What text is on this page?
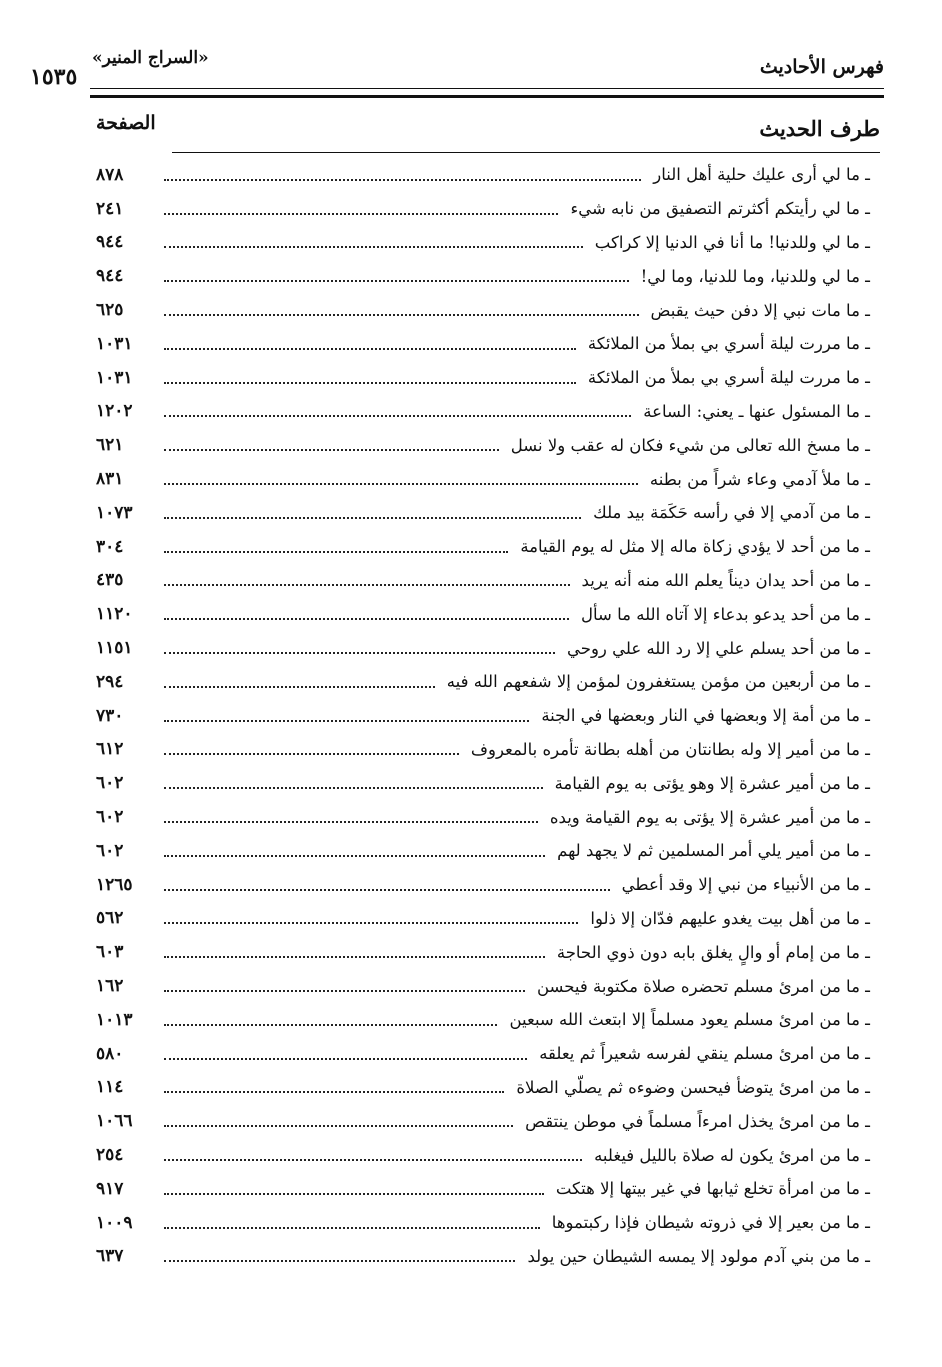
فهرس الأحاديث
«السراج المنير»
١٥٣٥
طرف الحديث
الصفحة
ـ ما لي أرى عليك حلية أهل النار
٨٧٨
ـ ما لي رأيتكم أكثرتم التصفيق من نابه شيء
٢٤١
ـ ما لي وللدنيا! ما أنا في الدنيا إلا كراكب
٩٤٤
ـ ما لي وللدنيا، وما للدنيا، وما لي!
٩٤٤
ـ ما مات نبي إلا دفن حيث يقبض
٦٢٥
ـ ما مررت ليلة أسري بي بملأ من الملائكة
١٠٣١
ـ ما مررت ليلة أسري بي بملأ من الملائكة
١٠٣١
ـ ما المسئول عنها ـ يعني: الساعة
١٢٠٢
ـ ما مسخ الله تعالى من شيء فكان له عقب ولا نسل
٦٢١
ـ ما ملأ آدمي وعاء شراً من بطنه
٨٣١
ـ ما من آدمي إلا في رأسه حَكَمَة بيد ملك
١٠٧٣
ـ ما من أحد لا يؤدي زكاة ماله إلا مثل له يوم القيامة
٣٠٤
ـ ما من أحد يدان ديناً يعلم الله منه أنه يريد
٤٣٥
ـ ما من أحد يدعو بدعاء إلا آتاه الله ما سأل
١١٢٠
ـ ما من أحد يسلم علي إلا رد الله علي روحي
١١٥١
ـ ما من أربعين من مؤمن يستغفرون لمؤمن إلا شفعهم الله فيه
٢٩٤
ـ ما من أمة إلا وبعضها في النار وبعضها في الجنة
٧٣٠
ـ ما من أمير إلا وله بطانتان من أهله بطانة تأمره بالمعروف
٦١٢
ـ ما من أمير عشرة إلا وهو يؤتى به يوم القيامة
٦٠٢
ـ ما من أمير عشرة إلا يؤتى به يوم القيامة ويده
٦٠٢
ـ ما من أمير يلي أمر المسلمين ثم لا يجهد لهم
٦٠٢
ـ ما من الأنبياء من نبي إلا وقد أعطي
١٢٦٥
ـ ما من أهل بيت يغدو عليهم فدّان إلا ذلوا
٥٦٢
ـ ما من إمام أو والٍ يغلق بابه دون ذوي الحاجة
٦٠٣
ـ ما من امرئ مسلم تحضره صلاة مكتوبة فيحسن
١٦٢
ـ ما من امرئ مسلم يعود مسلماً إلا ابتعث الله سبعين
١٠١٣
ـ ما من امرئ مسلم ينقي لفرسه شعيراً ثم يعلقه
٥٨٠
ـ ما من امرئ يتوضأ فيحسن وضوءه ثم يصلّي الصلاة
١١٤
ـ ما من امرئ يخذل امرءاً مسلماً في موطن ينتقص
١٠٦٦
ـ ما من امرئ يكون له صلاة بالليل فيغلبه
٢٥٤
ـ ما من امرأة تخلع ثيابها في غير بيتها إلا هتكت
٩١٧
ـ ما من بعير إلا في ذروته شيطان فإذا ركبتموها
١٠٠٩
ـ ما من بني آدم مولود إلا يمسه الشيطان حين يولد
٦٣٧
